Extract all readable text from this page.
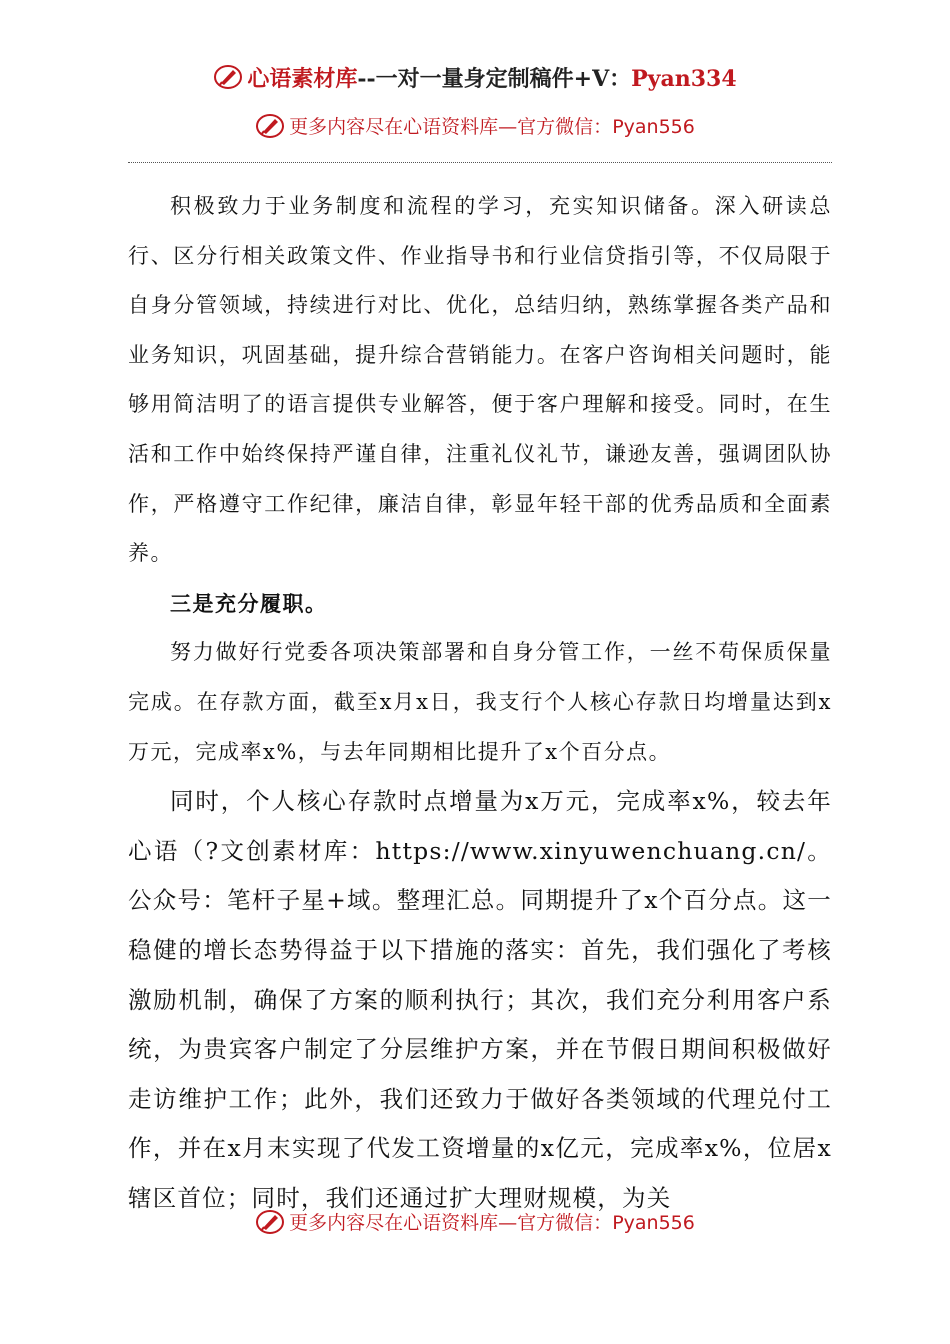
心语素材库--一对一量身定制稿件+V：Pyan334
更多内容尽在心语资料库—官方微信：Pyan556

积极致力于业务制度和流程的学习，充实知识储备。深入研读总行、区分行相关政策文件、作业指导书和行业信贷指引等，不仅局限于自身分管领域，持续进行对比、优化，总结归纳，熟练掌握各类产品和业务知识，巩固基础，提升综合营销能力。在客户咨询相关问题时，能够用简洁明了的语言提供专业解答，便于客户理解和接受。同时，在生活和工作中始终保持严谨自律，注重礼仪礼节，谦逊友善，强调团队协作，严格遵守工作纪律，廉洁自律，彰显年轻干部的优秀品质和全面素养。

三是充分履职。

努力做好行党委各项决策部署和自身分管工作，一丝不苟保质保量完成。在存款方面，截至x月x日，我支行个人核心存款日均增量达到x万元，完成率x%，与去年同期相比提升了x个百分点。

同时，个人核心存款时点增量为x万元，完成率x%，较去年心语（?文创素材库：https://www.xinyuwenchuang.cn/。公众号：笔杆子星+域。整理汇总。同期提升了x个百分点。这一稳健的增长态势得益于以下措施的落实：首先，我们强化了考核激励机制，确保了方案的顺利执行；其次，我们充分利用客户系统，为贵宾客户制定了分层维护方案，并在节假日期间积极做好走访维护工作；此外，我们还致力于做好各类领域的代理兑付工作，并在x月末实现了代发工资增量的x亿元，完成率x%，位居x辖区首位；同时，我们还通过扩大理财规模，为关

更多内容尽在心语资料库—官方微信：Pyan556
